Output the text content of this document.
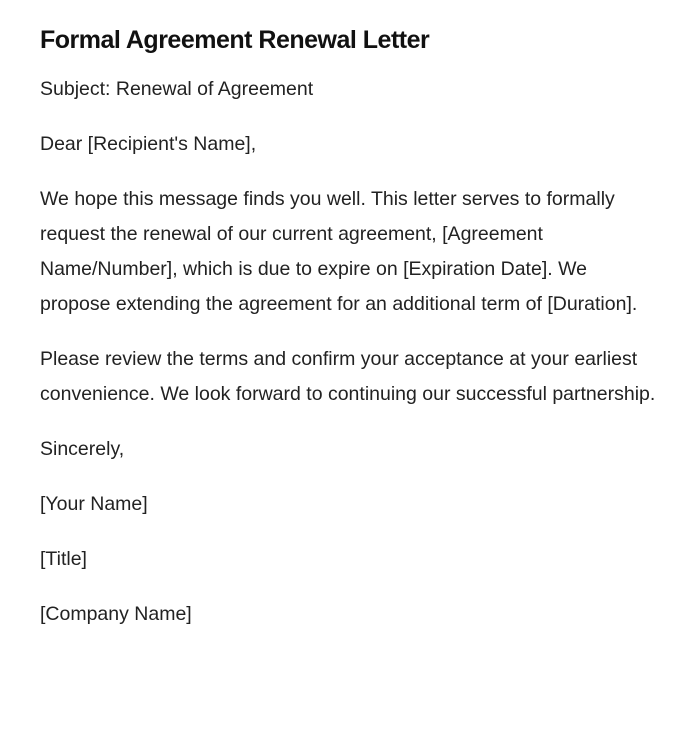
Formal Agreement Renewal Letter

Subject: Renewal of Agreement

Dear [Recipient's Name],

We hope this message finds you well. This letter serves to formally request the renewal of our current agreement, [Agreement Name/Number], which is due to expire on [Expiration Date]. We propose extending the agreement for an additional term of [Duration].

Please review the terms and confirm your acceptance at your earliest convenience. We look forward to continuing our successful partnership.

Sincerely,

[Your Name]

[Title]

[Company Name]
